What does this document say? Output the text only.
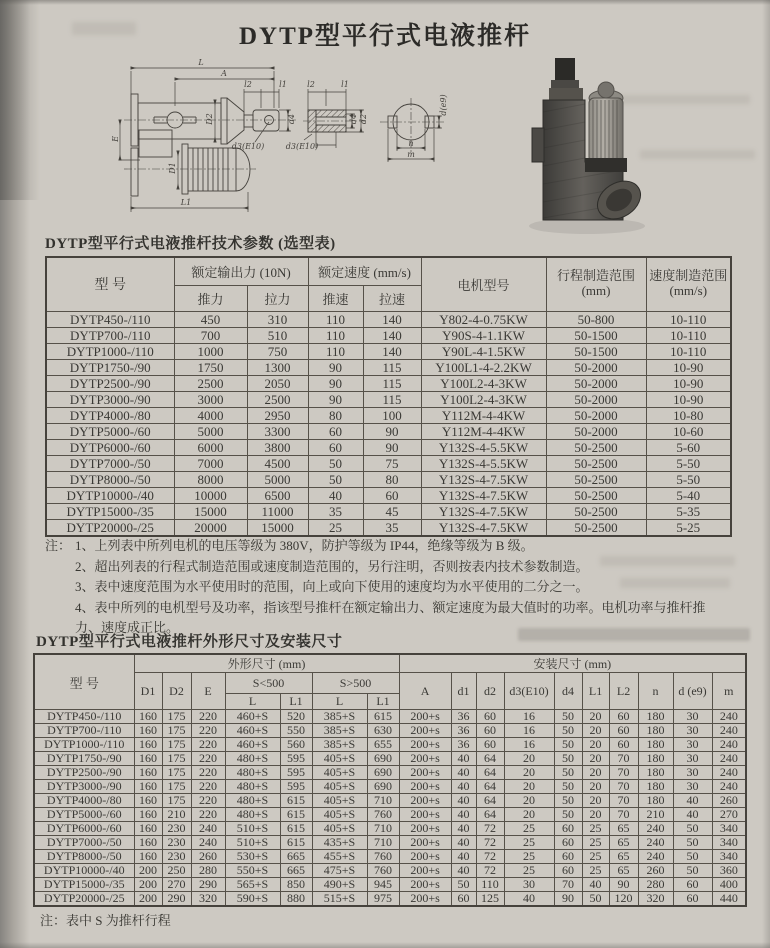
DYTP型平行式电液推杆
L
A
l2	l1
D2	d4
d3(E10)
E
D1
L1
l2	l1
d3(E10)
d4 d2
n
m
d(e9)
DYTP型平行式电液推杆技术参数 (选型表)
型 号	额定输出力 (10N)	额定速度 (mm/s)	电机型号	
行程制造范围
(mm)

速度制造范围
(mm/s)

	推力	拉力	推速	拉速			
DYTP450-/110	450	310	110	140	Y802-4-0.75KW	50-800	10-110
DYTP700-/110	700	510	110	140	Y90S-4-1.1KW	50-1500	10-110
DYTP1000-/110	1000	750	110	140	Y90L-4-1.5KW	50-1500	10-110
DYTP1750-/90	1750	1300	90	115	Y100L1-4-2.2KW	50-2000	10-90
DYTP2500-/90	2500	2050	90	115	Y100L2-4-3KW	50-2000	10-90
DYTP3000-/90	3000	2500	90	115	Y100L2-4-3KW	50-2000	10-90
DYTP4000-/80	4000	2950	80	100	Y112M-4-4KW	50-2000	10-80
DYTP5000-/60	5000	3300	60	90	Y112M-4-4KW	50-2000	10-60
DYTP6000-/60	6000	3800	60	90	Y132S-4-5.5KW	50-2500	5-60
DYTP7000-/50	7000	4500	50	75	Y132S-4-5.5KW	50-2500	5-50
DYTP8000-/50	8000	5000	50	80	Y132S-4-7.5KW	50-2500	5-50
DYTP10000-/40	10000	6500	40	60	Y132S-4-7.5KW	50-2500	5-40
DYTP15000-/35	15000	11000	35	45	Y132S-4-7.5KW	50-2500	5-35
DYTP20000-/25	20000	15000	25	35	Y132S-4-7.5KW	50-2500	5-25
注： 1、上列表中所列电机的电压等级为 380V，防护等级为 IP44，绝缘等级为 B 级。
2、超出列表的行程式制造范围或速度制造范围的，另行注明，否则按表内技术参数制造。
3、表中速度范围为水平使用时的范围，向上或向下使用的速度均为水平使用的二分之一。
4、表中所列的电机型号及功率，指该型号推杆在额定输出力、额定速度为最大值时的功率。电机功率与推杆推力、速度成正比。
DYTP型平行式电液推杆外形尺寸及安装尺寸
型 号	外形尺寸 (mm)							安装尺寸 (mm)									
	D1	D2	E	S<500		S>500		A	d1	d2	d3(E10)	d4	L1	L2	n	d (e9)	m
				L	L1	L	L1										
DYTP450-/110	160	175	220	460+S	520	385+S	615	200+s	36	60	16	50	20	60	180	30	240
DYTP700-/110	160	175	220	460+S	550	385+S	630	200+s	36	60	16	50	20	60	180	30	240
DYTP1000-/110	160	175	220	460+S	560	385+S	655	200+s	36	60	16	50	20	60	180	30	240
DYTP1750-/90	160	175	220	480+S	595	405+S	690	200+s	40	64	20	50	20	70	180	30	240
DYTP2500-/90	160	175	220	480+S	595	405+S	690	200+s	40	64	20	50	20	70	180	30	240
DYTP3000-/90	160	175	220	480+S	595	405+S	690	200+s	40	64	20	50	20	70	180	30	240
DYTP4000-/80	160	175	220	480+S	615	405+S	710	200+s	40	64	20	50	20	70	180	40	260
DYTP5000-/60	160	210	220	480+S	615	405+S	760	200+s	40	64	20	50	20	70	210	40	270
DYTP6000-/60	160	230	240	510+S	615	405+S	710	200+s	40	72	25	60	25	65	240	50	340
DYTP7000-/50	160	230	240	510+S	615	435+S	710	200+s	40	72	25	60	25	65	240	50	340
DYTP8000-/50	160	230	260	530+S	665	455+S	760	200+s	40	72	25	60	25	65	240	50	340
DYTP10000-/40	200	250	280	550+S	665	475+S	760	200+s	40	72	25	60	25	65	260	50	360
DYTP15000-/35	200	270	290	565+S	850	490+S	945	200+s	50	110	30	70	40	90	280	60	400
DYTP20000-/25	200	290	320	590+S	880	515+S	975	200+s	60	125	40	90	50	120	320	60	440
注：表中 S 为推杆行程
